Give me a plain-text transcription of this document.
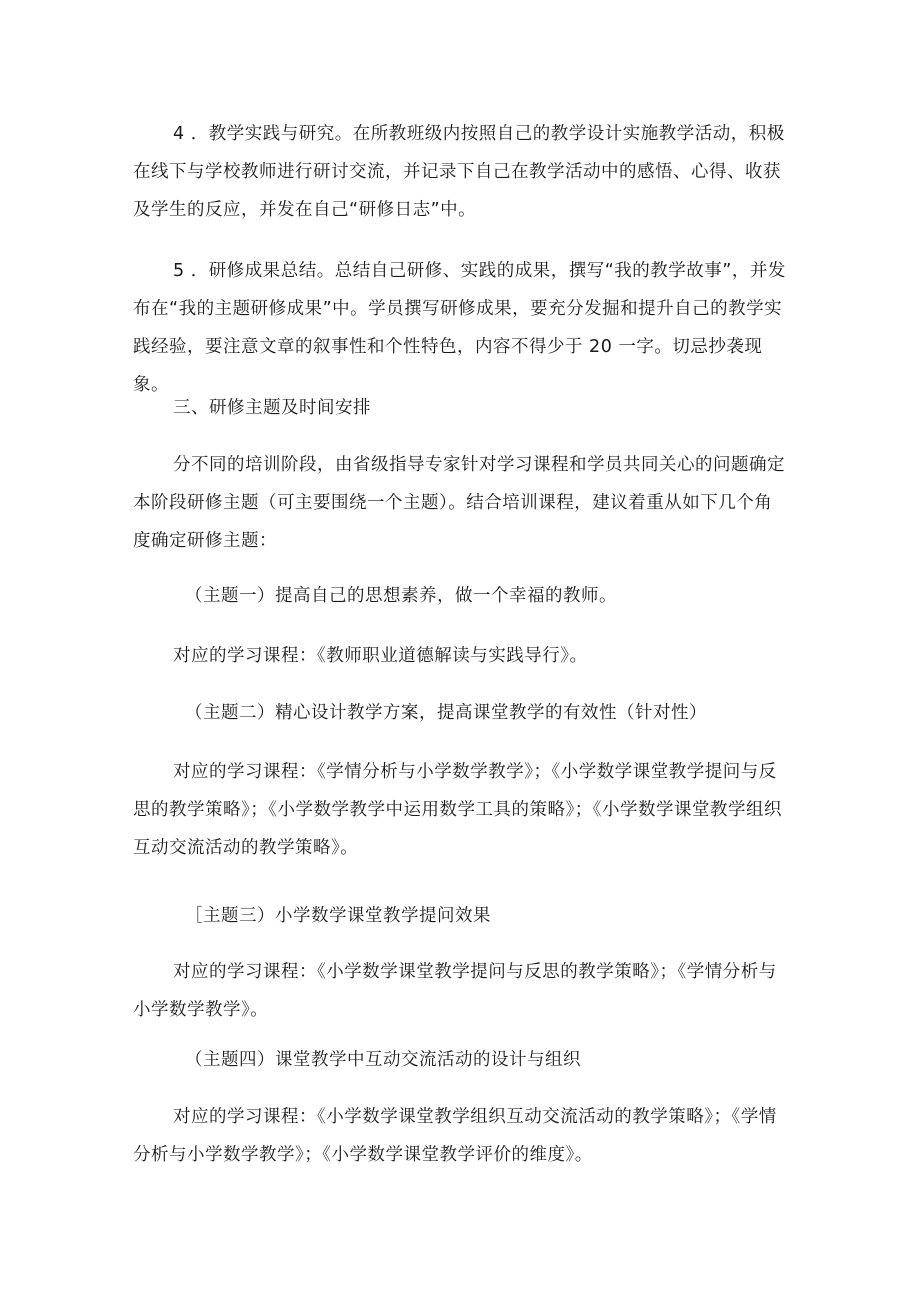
4 ．教学实践与研究。在所教班级内按照自己的教学设计实施教学活动，积极在线下与学校教师进行研讨交流，并记录下自己在教学活动中的感悟、心得、收获及学生的反应，并发在自己“研修日志”中。

5 ．研修成果总结。总结自己研修、实践的成果，撰写“我的教学故事”，并发布在“我的主题研修成果”中。学员撰写研修成果，要充分发掘和提升自己的教学实践经验，要注意文章的叙事性和个性特色，内容不得少于 20 一字。切忌抄袭现象。

三、研修主题及时间安排

分不同的培训阶段，由省级指导专家针对学习课程和学员共同关心的问题确定本阶段研修主题（可主要围绕一个主题）。结合培训课程，建议着重从如下几个角度确定研修主题：

（主题一）提高自己的思想素养，做一个幸福的教师。

对应的学习课程：《教师职业道德解读与实践导行》。

（主题二）精心设计教学方案，提高课堂教学的有效性（针对性）

对应的学习课程：《学情分析与小学数学教学》；《小学数学课堂教学提问与反思的教学策略》；《小学数学教学中运用数学工具的策略》；《小学数学课堂教学组织互动交流活动的教学策略》。

［主题三）小学数学课堂教学提问效果

对应的学习课程：《小学数学课堂教学提问与反思的教学策略》；《学情分析与小学数学教学》。

（主题四）课堂教学中互动交流活动的设计与组织

对应的学习课程：《小学数学课堂教学组织互动交流活动的教学策略》；《学情分析与小学数学教学》；《小学数学课堂教学评价的维度》。
